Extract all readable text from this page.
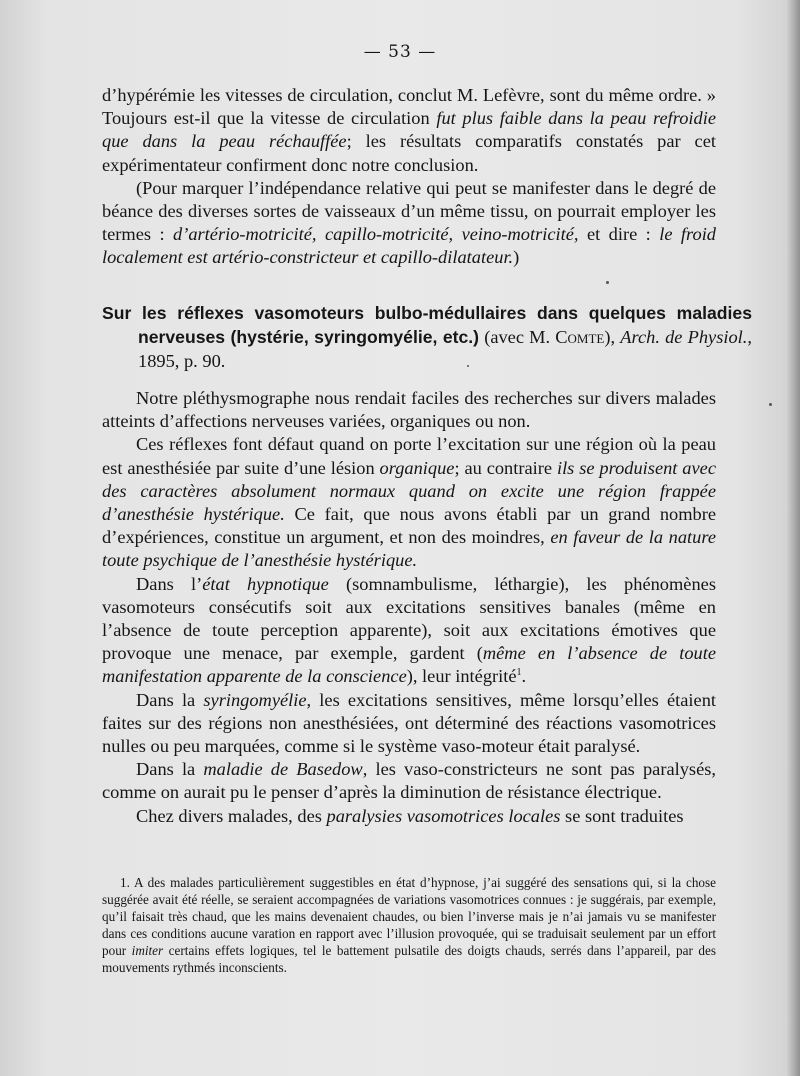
— 53 —

d’hypérémie les vitesses de circulation, conclut M. Lefèvre, sont du même ordre. » Toujours est-il que la vitesse de circulation fut plus faible dans la peau refroidie que dans la peau réchauffée; les résultats comparatifs constatés par cet expérimentateur confirment donc notre conclusion.

(Pour marquer l’indépendance relative qui peut se manifester dans le degré de béance des diverses sortes de vaisseaux d’un même tissu, on pourrait employer les termes : d’artério-motricité, capillo-motricité, veino-motricité, et dire : le froid localement est artério-constricteur et capillo-dilatateur.)

Sur les réflexes vasomoteurs bulbo-médullaires dans quelques maladies nerveuses (hystérie, syringomyélie, etc.) (avec M. Comte), Arch. de Physiol., 1895, p. 90.

Notre pléthysmographe nous rendait faciles des recherches sur divers malades atteints d’affections nerveuses variées, organiques ou non.

Ces réflexes font défaut quand on porte l’excitation sur une région où la peau est anesthésiée par suite d’une lésion organique; au contraire ils se produisent avec des caractères absolument normaux quand on excite une région frappée d’anesthésie hystérique. Ce fait, que nous avons établi par un grand nombre d’expériences, constitue un argument, et non des moindres, en faveur de la nature toute psychique de l’anesthésie hystérique.

Dans l’état hypnotique (somnambulisme, léthargie), les phénomènes vasomoteurs consécutifs soit aux excitations sensitives banales (même en l’absence de toute perception apparente), soit aux excitations émotives que provoque une menace, par exemple, gardent (même en l’absence de toute manifestation apparente de la conscience), leur intégrité$^1$.

Dans la syringomyélie, les excitations sensitives, même lorsqu’elles étaient faites sur des régions non anesthésiées, ont déterminé des réactions vasomotrices nulles ou peu marquées, comme si le système vaso-moteur était paralysé.

Dans la maladie de Basedow, les vaso-constricteurs ne sont pas paralysés, comme on aurait pu le penser d’après la diminution de résistance électrique.

Chez divers malades, des paralysies vasomotrices locales se sont traduites

1. A des malades particulièrement suggestibles en état d’hypnose, j’ai suggéré des sensations qui, si la chose suggérée avait été réelle, se seraient accompagnées de variations vasomotrices connues : je suggérais, par exemple, qu’il faisait très chaud, que les mains devenaient chaudes, ou bien l’inverse mais je n’ai jamais vu se manifester dans ces conditions aucune varation en rapport avec l’illusion provoquée, qui se traduisait seulement par un effort pour imiter certains effets logiques, tel le battement pulsatile des doigts chauds, serrés dans l’appareil, par des mouvements rythmés inconscients.
